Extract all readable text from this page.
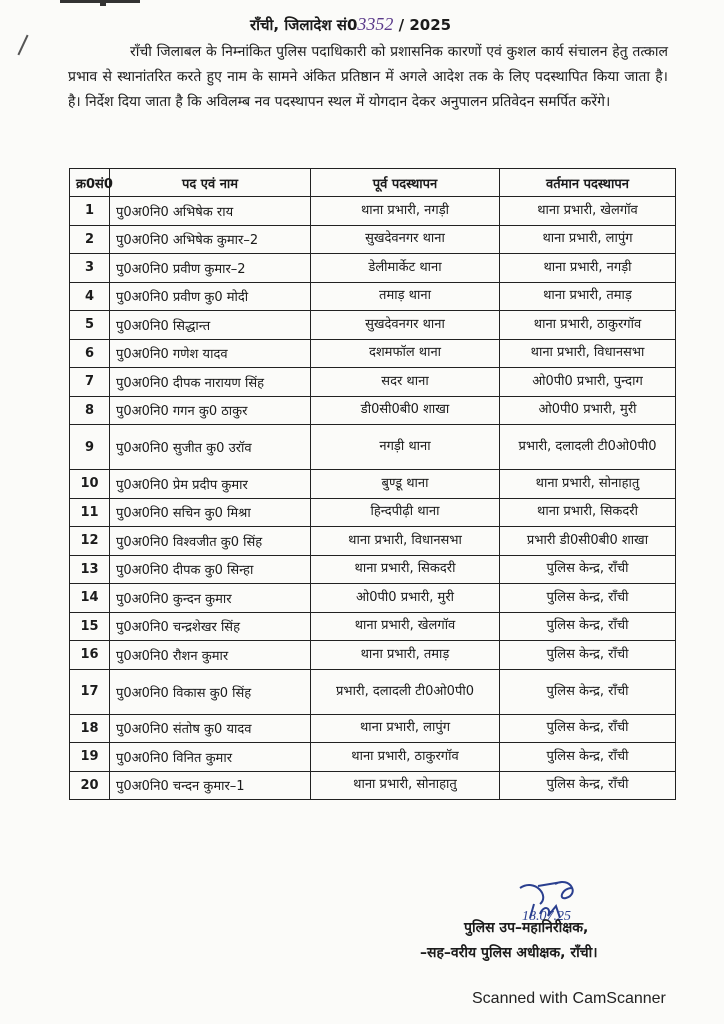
राँची, जिलादेश सं03352 / 2025
राँची जिलाबल के निम्नांकित पुलिस पदाधिकारी को प्रशासनिक कारणों एवं कुशल कार्य संचालन हेतु तत्काल प्रभाव से स्थानांतरित करते हुए नाम के सामने अंकित प्रतिष्ठान में अगले आदेश तक के लिए पदस्थापित किया जाता है। है। निर्देश दिया जाता है कि अविलम्ब नव पदस्थापन स्थल में योगदान देकर अनुपालन प्रतिवेदन समर्पित करेंगे।
क्र0सं0	पद एवं नाम	पूर्व पदस्थापन	वर्तमान पदस्थापन
1	पु0अ0नि0 अभिषेक राय	थाना प्रभारी, नगड़ी	थाना प्रभारी, खेलगॉव
2	पु0अ0नि0 अभिषेक कुमार–2	सुखदेवनगर थाना	थाना प्रभारी, लापुंग
3	पु0अ0नि0 प्रवीण कुमार–2	डेलीमार्केट थाना	थाना प्रभारी, नगड़ी
4	पु0अ0नि0 प्रवीण कु0 मोदी	तमाड़ थाना	थाना प्रभारी, तमाड़
5	पु0अ0नि0 सिद्धान्त	सुखदेवनगर थाना	थाना प्रभारी, ठाकुरगॉव
6	पु0अ0नि0 गणेश यादव	दशमफॉल थाना	थाना प्रभारी, विधानसभा
7	पु0अ0नि0 दीपक नारायण सिंह	सदर थाना	ओ0पी0 प्रभारी, पुन्दाग
8	पु0अ0नि0 गगन कु0 ठाकुर	डी0सी0बी0 शाखा	ओ0पी0 प्रभारी, मुरी
9	पु0अ0नि0 सुजीत कु0 उरॉव	नगड़ी थाना	प्रभारी, दलादली टी0ओ0पी0
10	पु0अ0नि0 प्रेम प्रदीप कुमार	बुण्डू थाना	थाना प्रभारी, सोनाहातु
11	पु0अ0नि0 सचिन कु0 मिश्रा	हिन्दपीढ़ी थाना	थाना प्रभारी, सिकदरी
12	पु0अ0नि0 विश्वजीत कु0 सिंह	थाना प्रभारी, विधानसभा	प्रभारी डी0सी0बी0 शाखा
13	पु0अ0नि0 दीपक कु0 सिन्हा	थाना प्रभारी, सिकदरी	पुलिस केन्द्र, राँची
14	पु0अ0नि0 कुन्दन कुमार	ओ0पी0 प्रभारी, मुरी	पुलिस केन्द्र, राँची
15	पु0अ0नि0 चन्द्रशेखर सिंह	थाना प्रभारी, खेलगॉव	पुलिस केन्द्र, राँची
16	पु0अ0नि0 रौशन कुमार	थाना प्रभारी, तमाड़	पुलिस केन्द्र, राँची
17	पु0अ0नि0 विकास कु0 सिंह	प्रभारी, दलादली टी0ओ0पी0	पुलिस केन्द्र, राँची
18	पु0अ0नि0 संतोष कु0 यादव	थाना प्रभारी, लापुंग	पुलिस केन्द्र, राँची
19	पु0अ0नि0 विनित कुमार	थाना प्रभारी, ठाकुरगॉव	पुलिस केन्द्र, राँची
20	पु0अ0नि0 चन्दन कुमार–1	थाना प्रभारी, सोनाहातु	पुलिस केन्द्र, राँची
18.07.25
पुलिस उप–महानिरीक्षक,
–सह–वरीय पुलिस अधीक्षक, राँची।
Scanned with CamScanner
